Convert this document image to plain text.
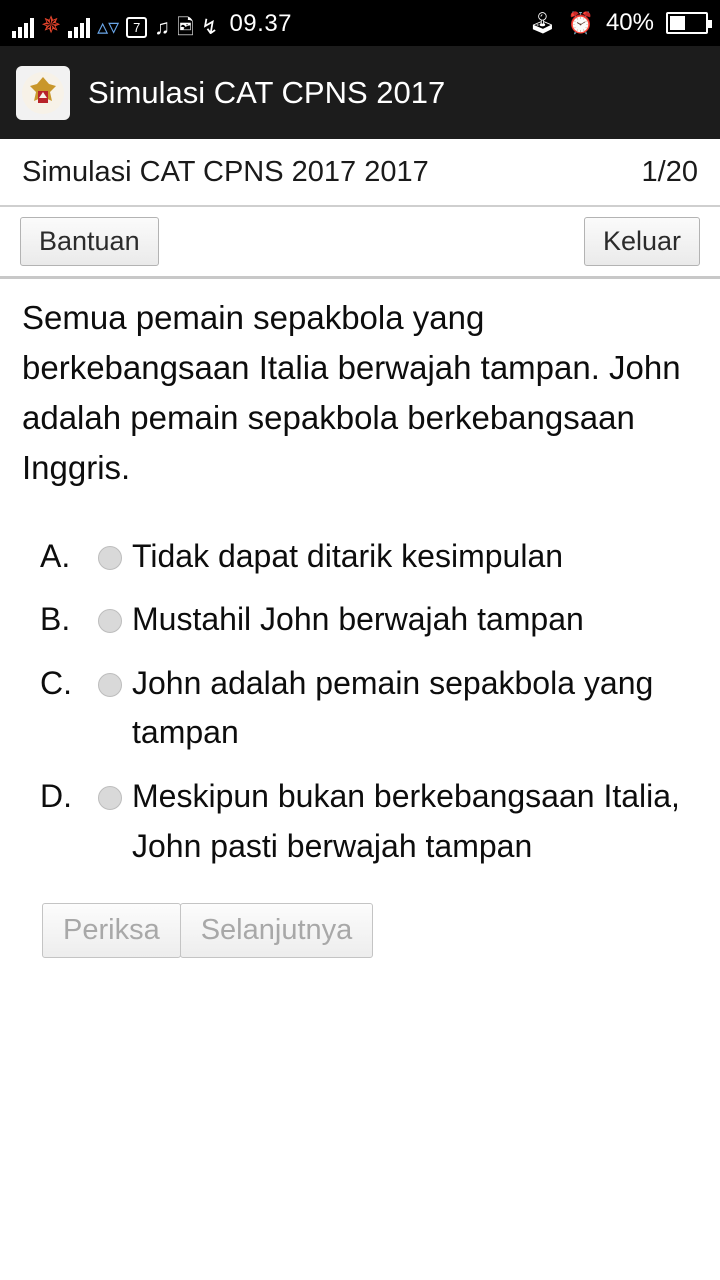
✵ ▵▿	7 ♫ 🖻 ↯ 09.37	🕹 ⏰ 40%
Simulasi CAT CPNS 2017
Simulasi CAT CPNS 2017 2017	1/20
Bantuan	Keluar
Semua pemain sepakbola yang berkebangsaan Italia berwajah tampan. John adalah pemain sepakbola berkebangsaan Inggris.
A.	Tidak dapat ditarik kesimpulan
B.	Mustahil John berwajah tampan
C.	John adalah pemain sepakbola yang tampan
D.	Meskipun bukan berkebangsaan Italia, John pasti berwajah tampan
Periksa	Selanjutnya
